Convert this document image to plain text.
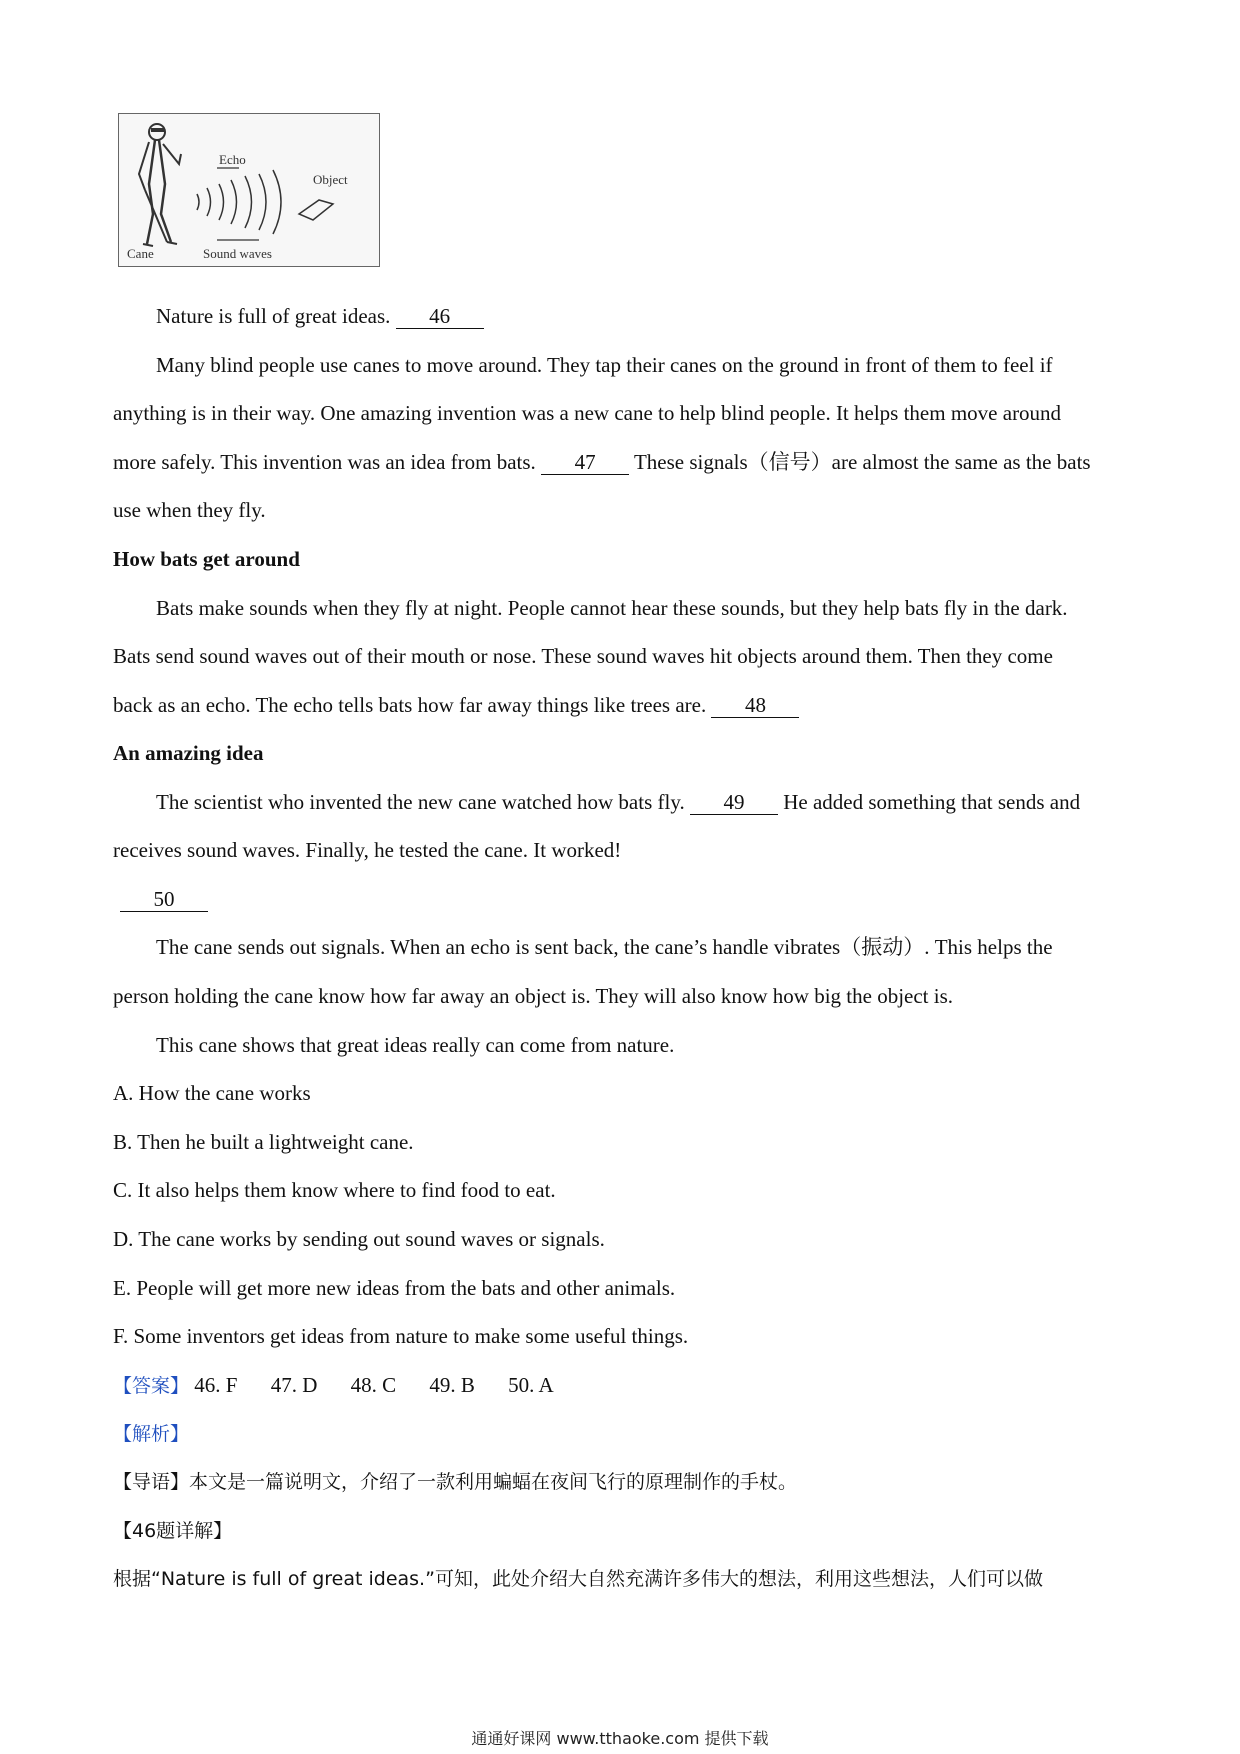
Echo
Object
Cane	Sound waves
Nature is full of great ideas. 46
Many blind people use canes to move around. They tap their canes on the ground in front of them to feel if
anything is in their way. One amazing invention was a new cane to help blind people. It helps them move around
more safely. This invention was an idea from bats. 47 These signals（信号）are almost the same as the bats
use when they fly.
How bats get around
Bats make sounds when they fly at night. People cannot hear these sounds, but they help bats fly in the dark.
Bats send sound waves out of their mouth or nose. These sound waves hit objects around them. Then they come
back as an echo. The echo tells bats how far away things like trees are. 48
An amazing idea
The scientist who invented the new cane watched how bats fly. 49 He added something that sends and
receives sound waves. Finally, he tested the cane. It worked!
50
The cane sends out signals. When an echo is sent back, the cane’s handle vibrates（振动）. This helps the
person holding the cane know how far away an object is. They will also know how big the object is.
This cane shows that great ideas really can come from nature.
A. How the cane works
B. Then he built a lightweight cane.
C. It also helps them know where to find food to eat.
D. The cane works by sending out sound waves or signals.
E. People will get more new ideas from the bats and other animals.
F. Some inventors get ideas from nature to make some useful things.
【答案】 46. F 47. D 48. C 49. B 50. A
【解析】
【导语】本文是一篇说明文，介绍了一款利用蝙蝠在夜间飞行的原理制作的手杖。
【46题详解】
根据“Nature is full of great ideas.”可知，此处介绍大自然充满许多伟大的想法，利用这些想法，人们可以做
通通好课网 www.tthaoke.com 提供下载
